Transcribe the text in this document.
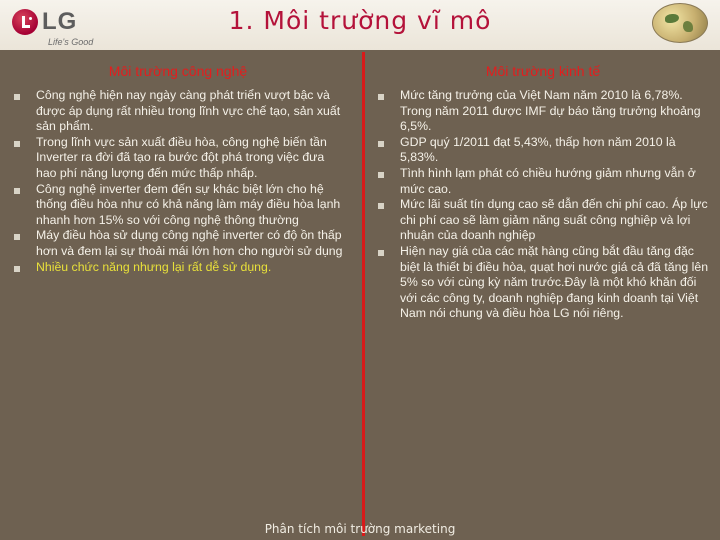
LG
Life's Good
1. Môi trường vĩ mô
Môi trường công nghệ	Môi trường kinh tế
Công nghệ hiện nay ngày càng phát triển vượt bậc và được áp dụng rất nhiều trong lĩnh vực chế tạo, sản xuất sản phẩm.
Trong lĩnh vực sản xuất điều hòa, công nghệ biến tần Inverter ra đời đã tạo ra bước đột phá trong việc đưa hao phí năng lượng đến mức thấp nhấp.
Công nghệ inverter đem đến sự khác biệt lớn cho hệ thống điều hòa như có khả năng làm máy điều hòa lạnh nhanh hơn 15% so với công nghệ thông thường
Máy điều hòa sử dụng công nghệ inverter có độ ồn thấp hơn và đem lại sự thoải mái lớn hơn cho người sử dụng
Nhiều chức năng nhưng lại rất dễ sử dụng.
Mức tăng trưởng của Việt Nam năm 2010 là 6,78%. Trong năm 2011 được IMF dự báo tăng trưởng khoảng 6,5%.
GDP quý 1/2011 đạt 5,43%, thấp hơn năm 2010 là 5,83%.
Tình hình lạm phát có chiều hướng giảm nhưng vẫn ở mức cao.
Mức lãi suất tín dụng cao sẽ dẫn đến chi phí cao. Áp lực chi phí cao sẽ làm giảm năng suất công nghiệp và lợi nhuận của doanh nghiệp
Hiện nay giá của các mặt hàng cũng bắt đầu tăng đặc biệt là thiết bị điều hòa, quạt hơi nước giá cả đã tăng lên 5% so với cùng kỳ năm trước.Đây là một khó khăn đối với các công ty, doanh nghiệp đang kinh doanh tại Việt Nam nói chung và điều hòa LG nói riêng.
Phân tích môi trường marketing
